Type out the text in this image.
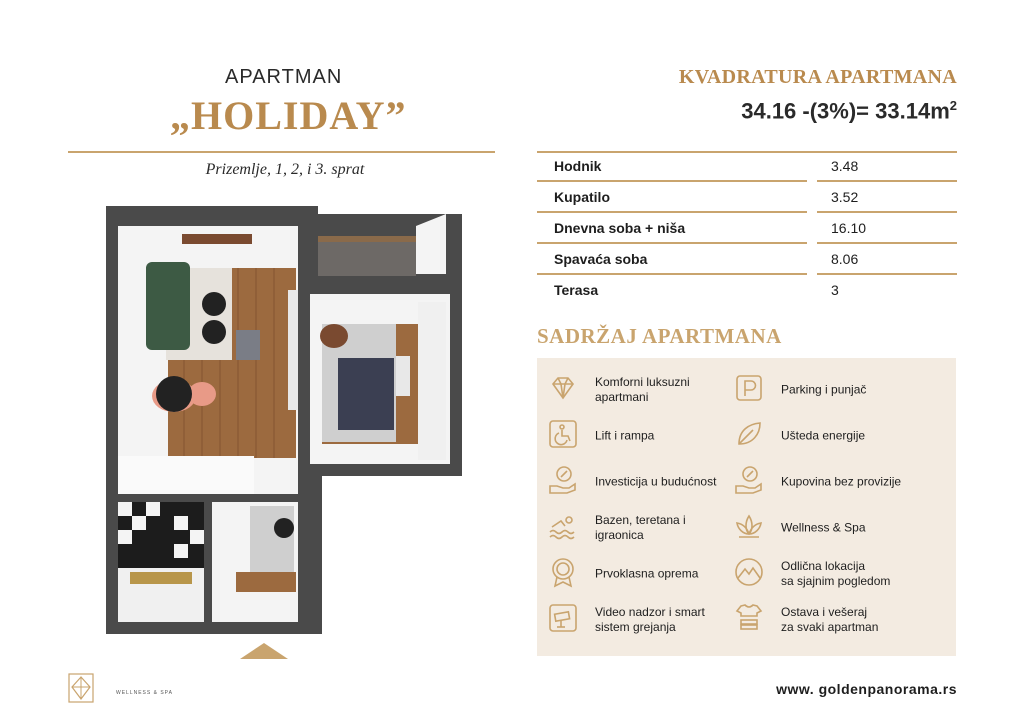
APARTMAN
„HOLIDAY”
Prizemlje, 1, 2, i 3. sprat
WELLNESS & SPA
KVADRATURA APARTMANA
34.16 $-(3\%)= 33.14m^2$
Hodnik	3.48
Kupatilo	3.52
Dnevna soba + niša	16.10
Spavaća soba	8.06
Terasa	3
SADRŽAJ APARTMANA
Komforni luksuzni
apartmani
Parking i punjač
Lift i rampa	Ušteda energije
Investicija u budućnost	Kupovina bez provizije
Bazen, teretana i
igraonica
Wellness & Spa
Prvoklasna oprema
Odlična lokacija
sa sjajnim pogledom
Video nadzor i smart
sistem grejanja
Ostava i vešeraj
za svaki apartman
www. goldenpanorama.rs
